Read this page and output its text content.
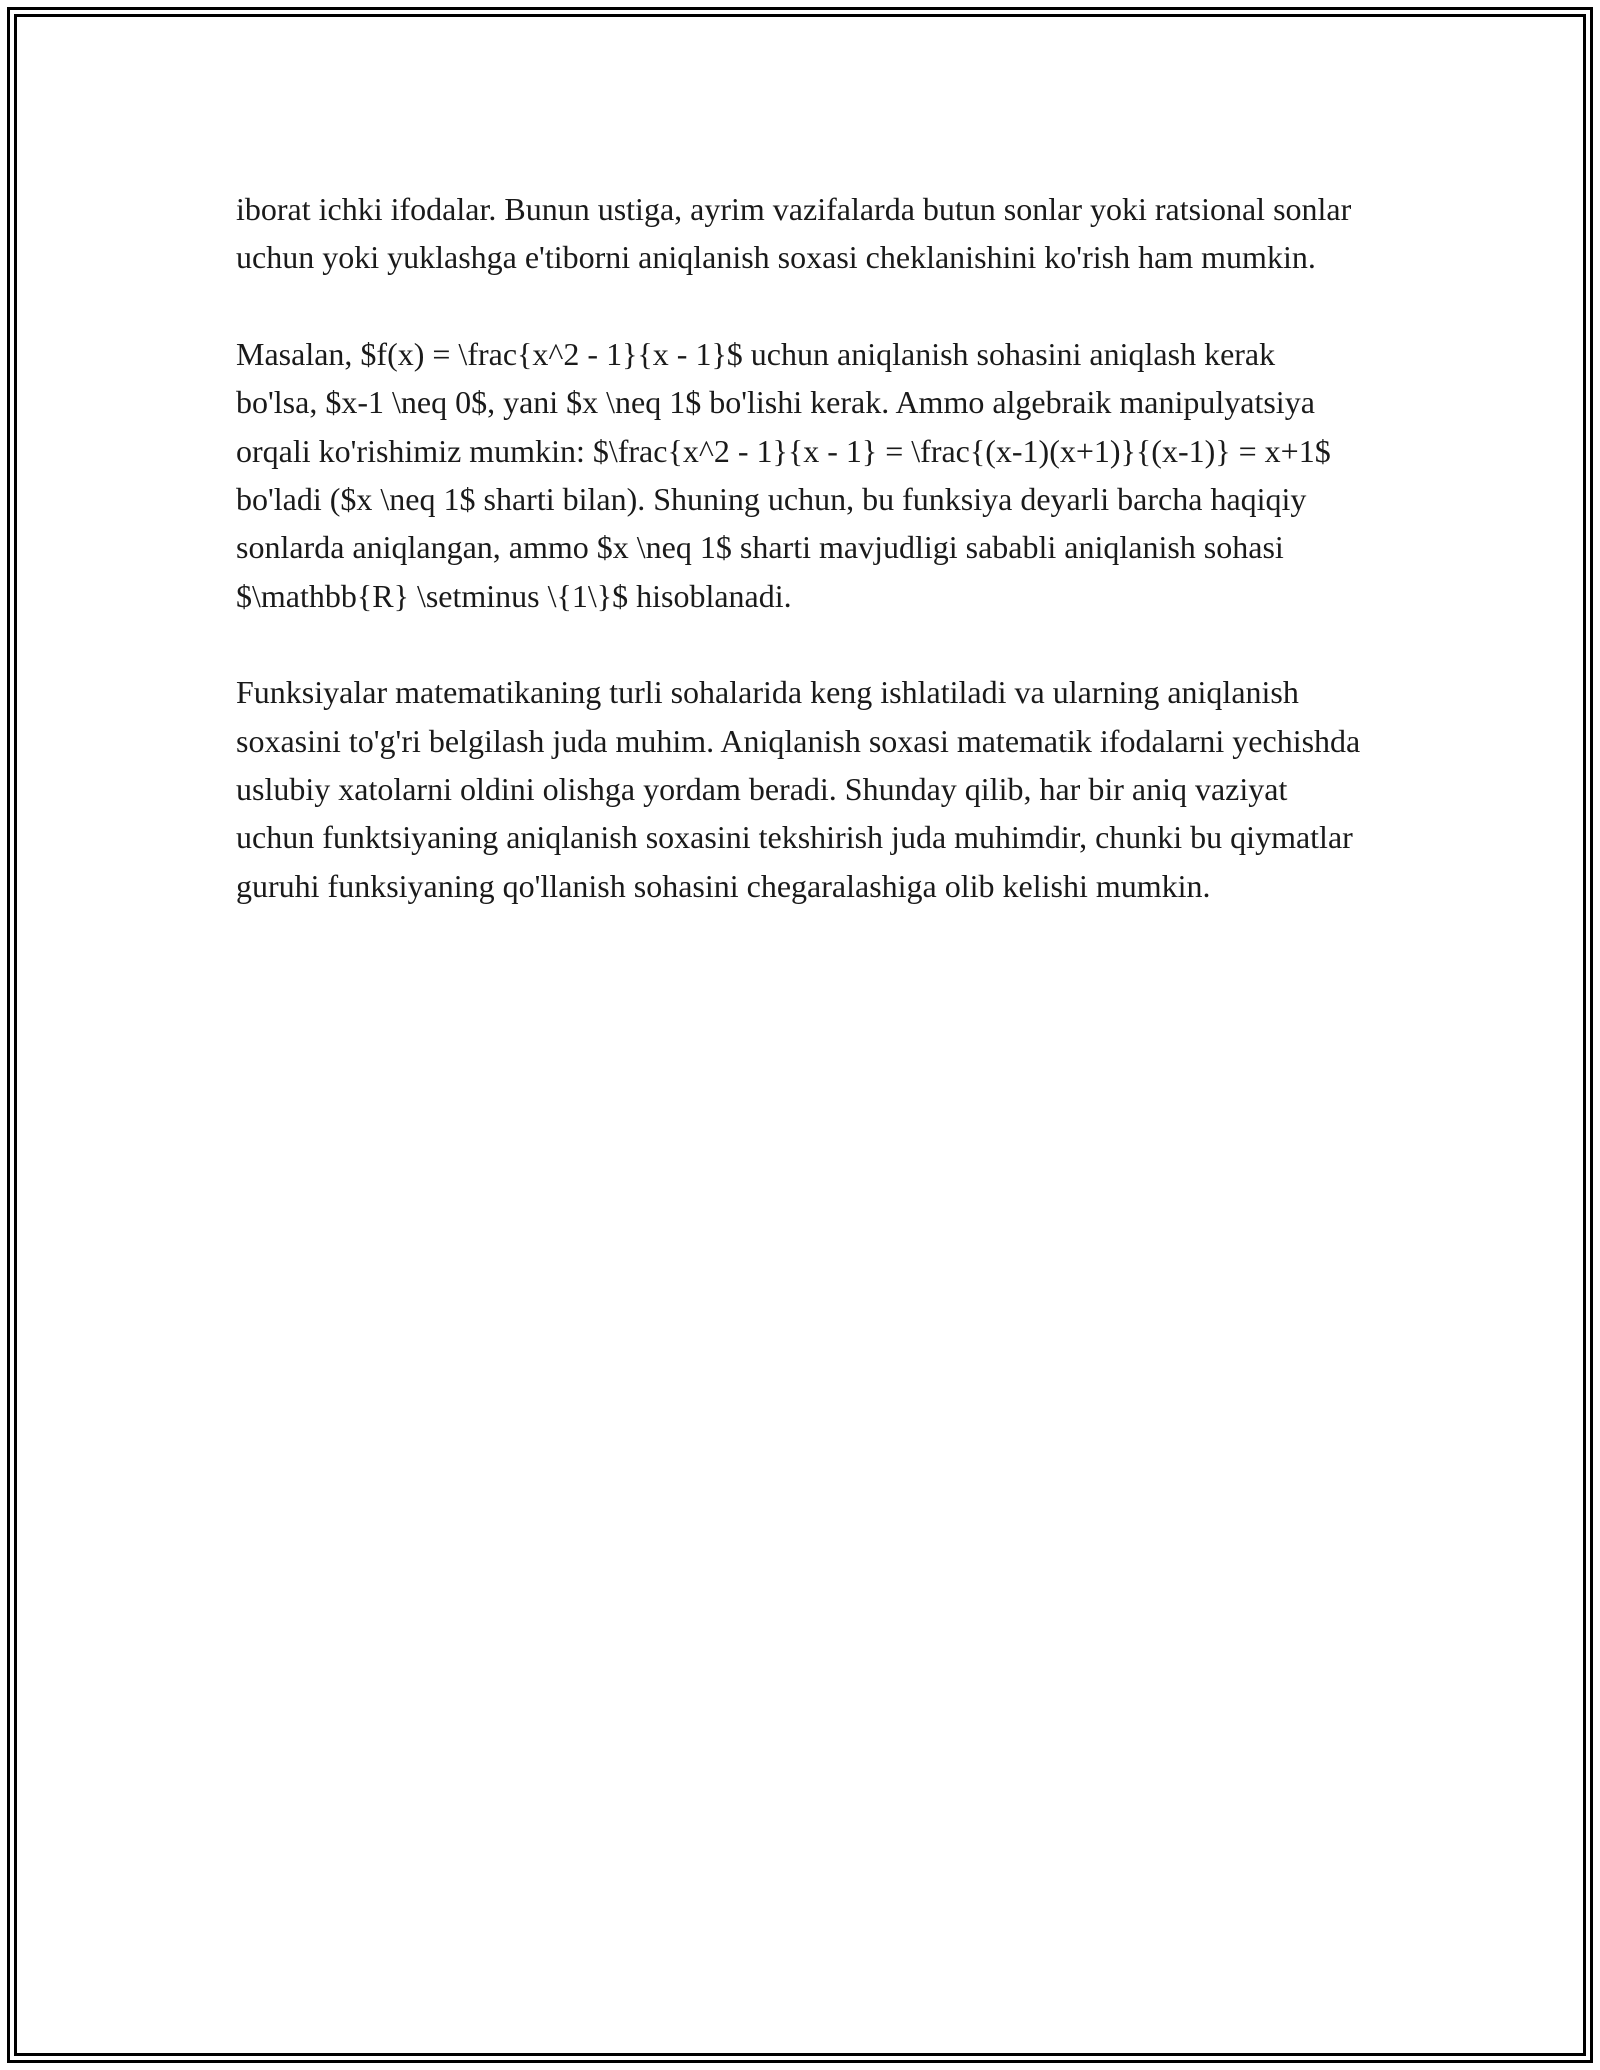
iborat ichki ifodalar. Bunun ustiga, ayrim vazifalarda butun sonlar yoki ratsional sonlar uchun yoki yuklashga e'tiborni aniqlanish soxasi cheklanishini ko'rish ham mumkin.

Masalan, $f(x) = \frac{x^2 - 1}{x - 1}$ uchun aniqlanish sohasini aniqlash kerak bo'lsa, $x-1 \neq 0$, yani $x \neq 1$ bo'lishi kerak. Ammo algebraik manipulyatsiya orqali ko'rishimiz mumkin: $\frac{x^2 - 1}{x - 1} = \frac{(x-1)(x+1)}{(x-1)} = x+1$ bo'ladi ($x \neq 1$ sharti bilan). Shuning uchun, bu funksiya deyarli barcha haqiqiy sonlarda aniqlangan, ammo $x \neq 1$ sharti mavjudligi sababli aniqlanish sohasi $\mathbb{R} \setminus \{1\}$ hisoblanadi.

Funksiyalar matematikaning turli sohalarida keng ishlatiladi va ularning aniqlanish soxasini to'g'ri belgilash juda muhim. Aniqlanish soxasi matematik ifodalarni yechishda uslubiy xatolarni oldini olishga yordam beradi. Shunday qilib, har bir aniq vaziyat uchun funktsiyaning aniqlanish soxasini tekshirish juda muhimdir, chunki bu qiymatlar guruhi funksiyaning qo'llanish sohasini chegaralashiga olib kelishi mumkin.
